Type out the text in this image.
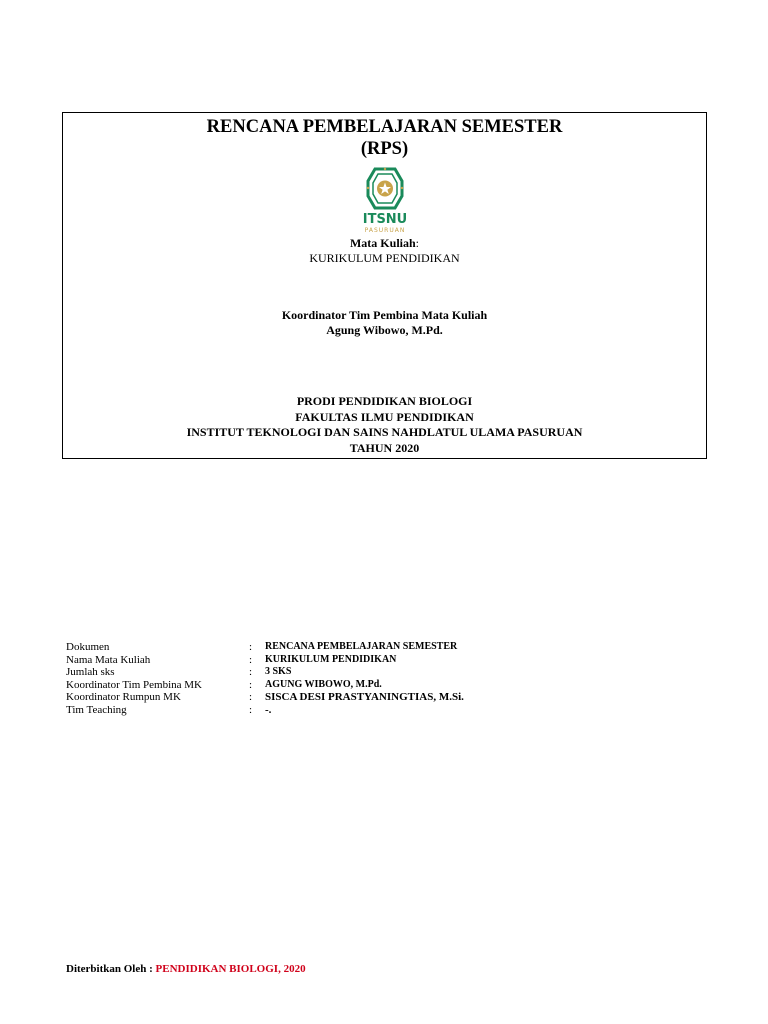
RENCANA PEMBELAJARAN SEMESTER
(RPS)
ITSNU
PASURUAN
Mata Kuliah:
KURIKULUM PENDIDIKAN
Koordinator Tim Pembina Mata Kuliah
Agung Wibowo, M.Pd.
PRODI PENDIDIKAN BIOLOGI
FAKULTAS ILMU PENDIDIKAN
INSTITUT TEKNOLOGI DAN SAINS NAHDLATUL ULAMA PASURUAN
TAHUN 2020
Dokumen	:	RENCANA PEMBELAJARAN SEMESTER
Nama Mata Kuliah	:	KURIKULUM PENDIDIKAN
Jumlah sks	:	3 SKS
Koordinator Tim Pembina MK	:	AGUNG WIBOWO, M.Pd.
Koordinator Rumpun MK	:	SISCA DESI PRASTYANINGTIAS, M.Si.
Tim Teaching	:	-.
Diterbitkan Oleh : PENDIDIKAN BIOLOGI, 2020
